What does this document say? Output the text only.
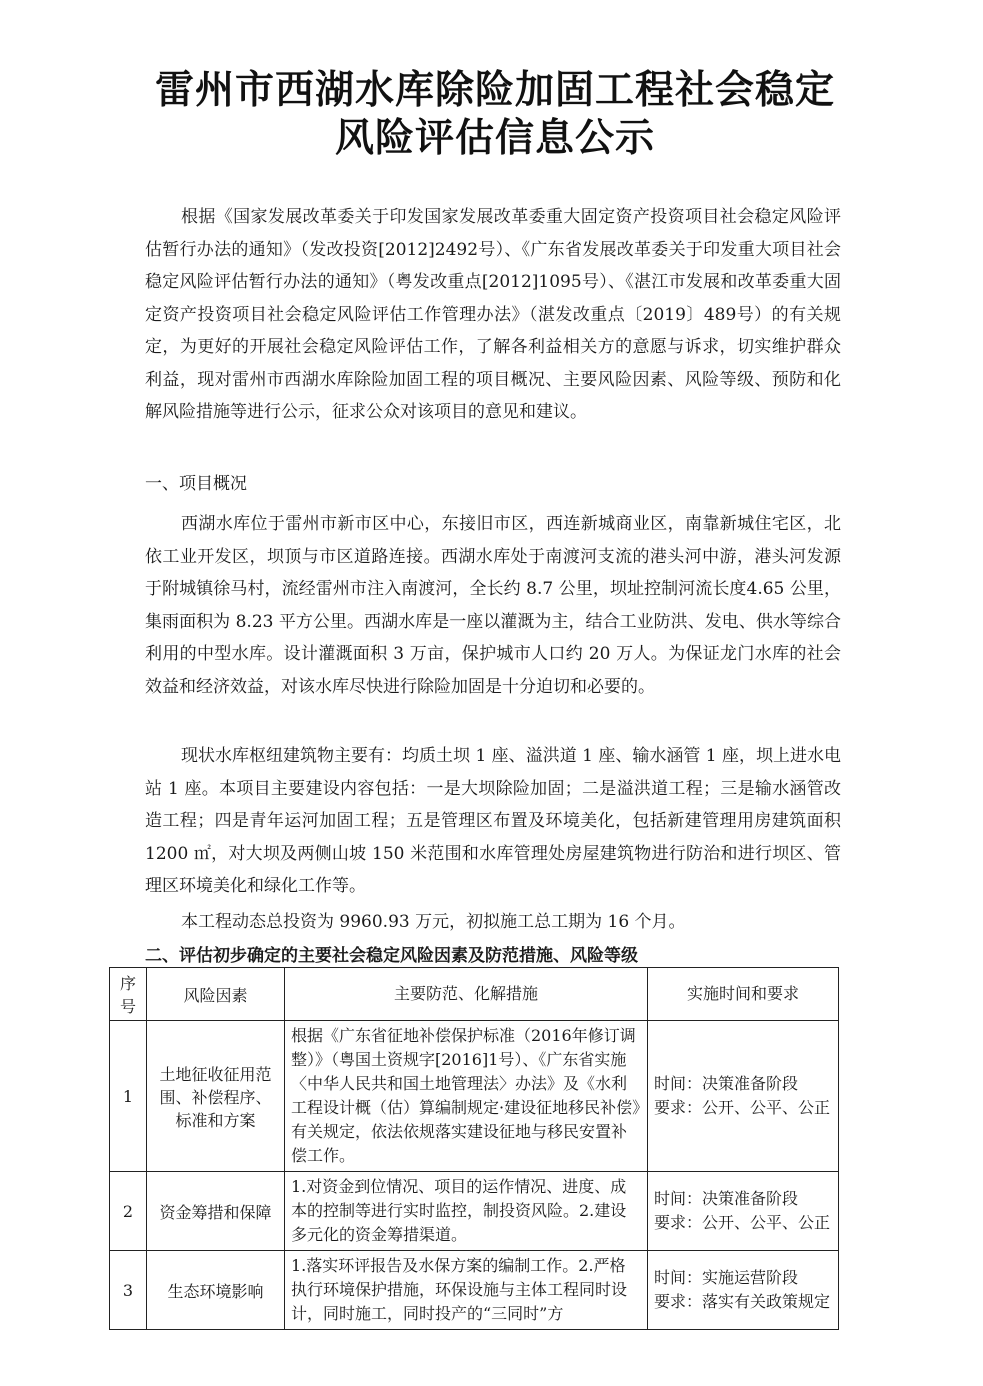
雷州市西湖水库除险加固工程社会稳定
风险评估信息公示

根据《国家发展改革委关于印发国家发展改革委重大固定资产投资项目社会稳定风险评估暂行办法的通知》（发改投资[2012]2492号）、《广东省发展改革委关于印发重大项目社会稳定风险评估暂行办法的通知》（粤发改重点[2012]1095号）、《湛江市发展和改革委重大固定资产投资项目社会稳定风险评估工作管理办法》（湛发改重点〔2019〕489号）的有关规定，为更好的开展社会稳定风险评估工作，了解各利益相关方的意愿与诉求，切实维护群众利益，现对雷州市西湖水库除险加固工程的项目概况、主要风险因素、风险等级、预防和化解风险措施等进行公示，征求公众对该项目的意见和建议。

一、项目概况

西湖水库位于雷州市新市区中心，东接旧市区，西连新城商业区，南靠新城住宅区，北依工业开发区，坝顶与市区道路连接。西湖水库处于南渡河支流的港头河中游，港头河发源于附城镇徐马村，流经雷州市注入南渡河，全长约 8.7 公里，坝址控制河流长度4.65 公里，集雨面积为 8.23 平方公里。西湖水库是一座以灌溉为主，结合工业防洪、发电、供水等综合利用的中型水库。设计灌溉面积 3 万亩，保护城市人口约 20 万人。为保证龙门水库的社会效益和经济效益，对该水库尽快进行除险加固是十分迫切和必要的。

现状水库枢纽建筑物主要有：均质土坝 1 座、溢洪道 1 座、输水涵管 1 座，坝上进水电站 1 座。本项目主要建设内容包括：一是大坝除险加固；二是溢洪道工程；三是输水涵管改造工程；四是青年运河加固工程；五是管理区布置及环境美化，包括新建管理用房建筑面积 1200 ㎡，对大坝及两侧山坡 150 米范围和水库管理处房屋建筑物进行防治和进行坝区、管理区环境美化和绿化工作等。

本工程动态总投资为 9960.93 万元，初拟施工总工期为 16 个月。

二、评估初步确定的主要社会稳定风险因素及防范措施、风险等级

序号	风险因素	主要防范、化解措施	实施时间和要求
1	土地征收征用范围、补偿程序、标准和方案	根据《广东省征地补偿保护标准（2016年修订调整）》（粤国土资规字[2016]1号）、《广东省实施〈中华人民共和国土地管理法〉办法》及《水利工程设计概（估）算编制规定·建设征地移民补偿》有关规定，依法依规落实建设征地与移民安置补偿工作。	时间：决策准备阶段
要求：公开、公平、公正

2	资金筹措和保障	1.对资金到位情况、项目的运作情况、进度、成本的控制等进行实时监控，制投资风险。2.建设多元化的资金筹措渠道。	时间：决策准备阶段
要求：公开、公平、公正

3	生态环境影响	1.落实环评报告及水保方案的编制工作。2.严格执行环境保护措施，环保设施与主体工程同时设计，同时施工，同时投产的“三同时”方	时间：实施运营阶段
要求：落实有关政策规定
